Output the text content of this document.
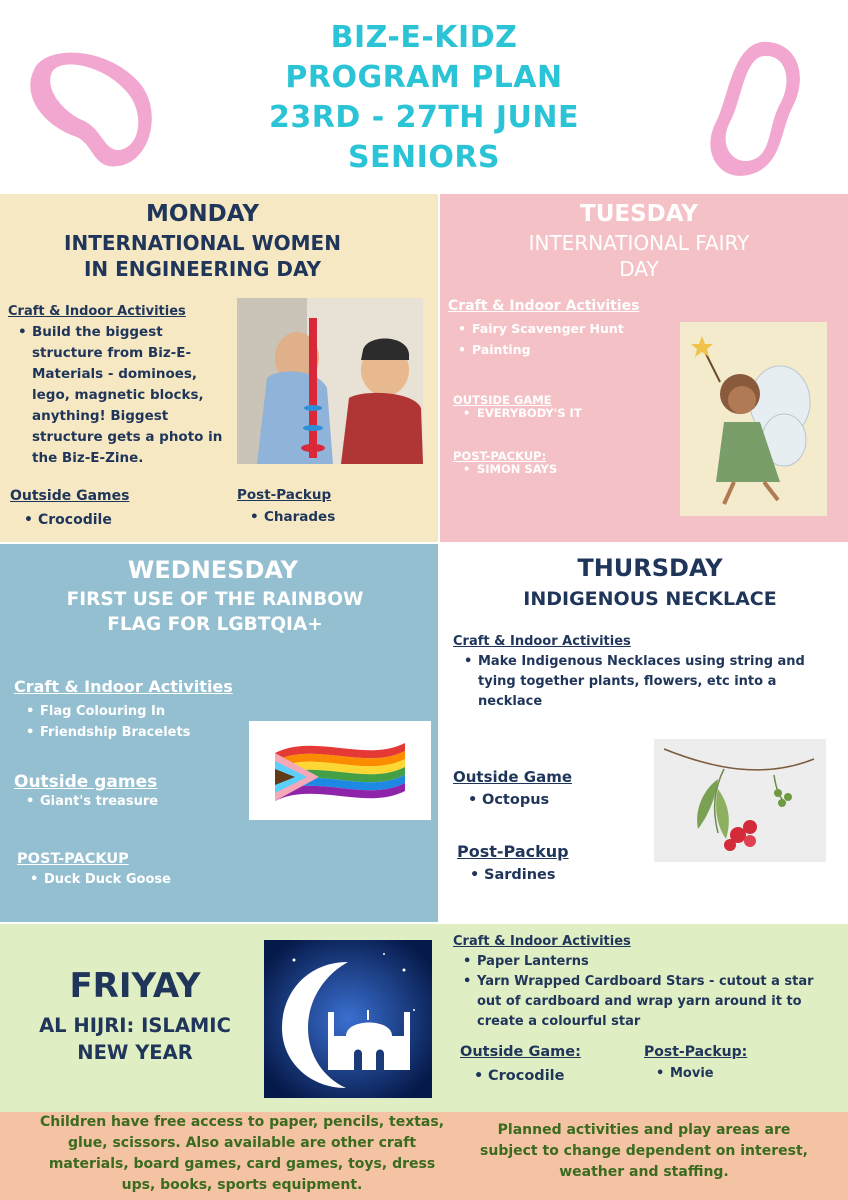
BIZ-E-KIDZ
PROGRAM PLAN
23RD - 27TH JUNE
SENIORS
MONDAY
INTERNATIONAL WOMEN
IN ENGINEERING DAY
Craft & Indoor Activities
• Build the biggest structure from Biz-E-Materials - dominoes, lego, magnetic blocks, anything! Biggest structure gets a photo in the Biz-E-Zine.
Outside Games
• Crocodile
Post-Packup
• Charades
TUESDAY
INTERNATIONAL FAIRY
DAY
Craft & Indoor Activities
• Fairy Scavenger Hunt
• Painting
OUTSIDE GAME
• EVERYBODY'S IT
POST-PACKUP:
• SIMON SAYS
WEDNESDAY
FIRST USE OF THE RAINBOW
FLAG FOR LGBTQIA+
Craft & Indoor Activities
• Flag Colouring In
• Friendship Bracelets
Outside games
• Giant's treasure
POST-PACKUP
• Duck Duck Goose
THURSDAY
INDIGENOUS NECKLACE
Craft & Indoor Activities
• Make Indigenous Necklaces using string and tying together plants, flowers, etc into a necklace
Outside Game
• Octopus
Post-Packup
• Sardines
FRIYAY
AL HIJRI: ISLAMIC
NEW YEAR
Craft & Indoor Activities
• Paper Lanterns
• Yarn Wrapped Cardboard Stars - cutout a star out of cardboard and wrap yarn around it to create a colourful star
Outside Game:
• Crocodile
Post-Packup:
• Movie
Children have free access to paper, pencils, textas, glue, scissors. Also available are other craft materials, board games, card games, toys, dress ups, books, sports equipment.
Planned activities and play areas are subject to change dependent on interest, weather and staffing.
